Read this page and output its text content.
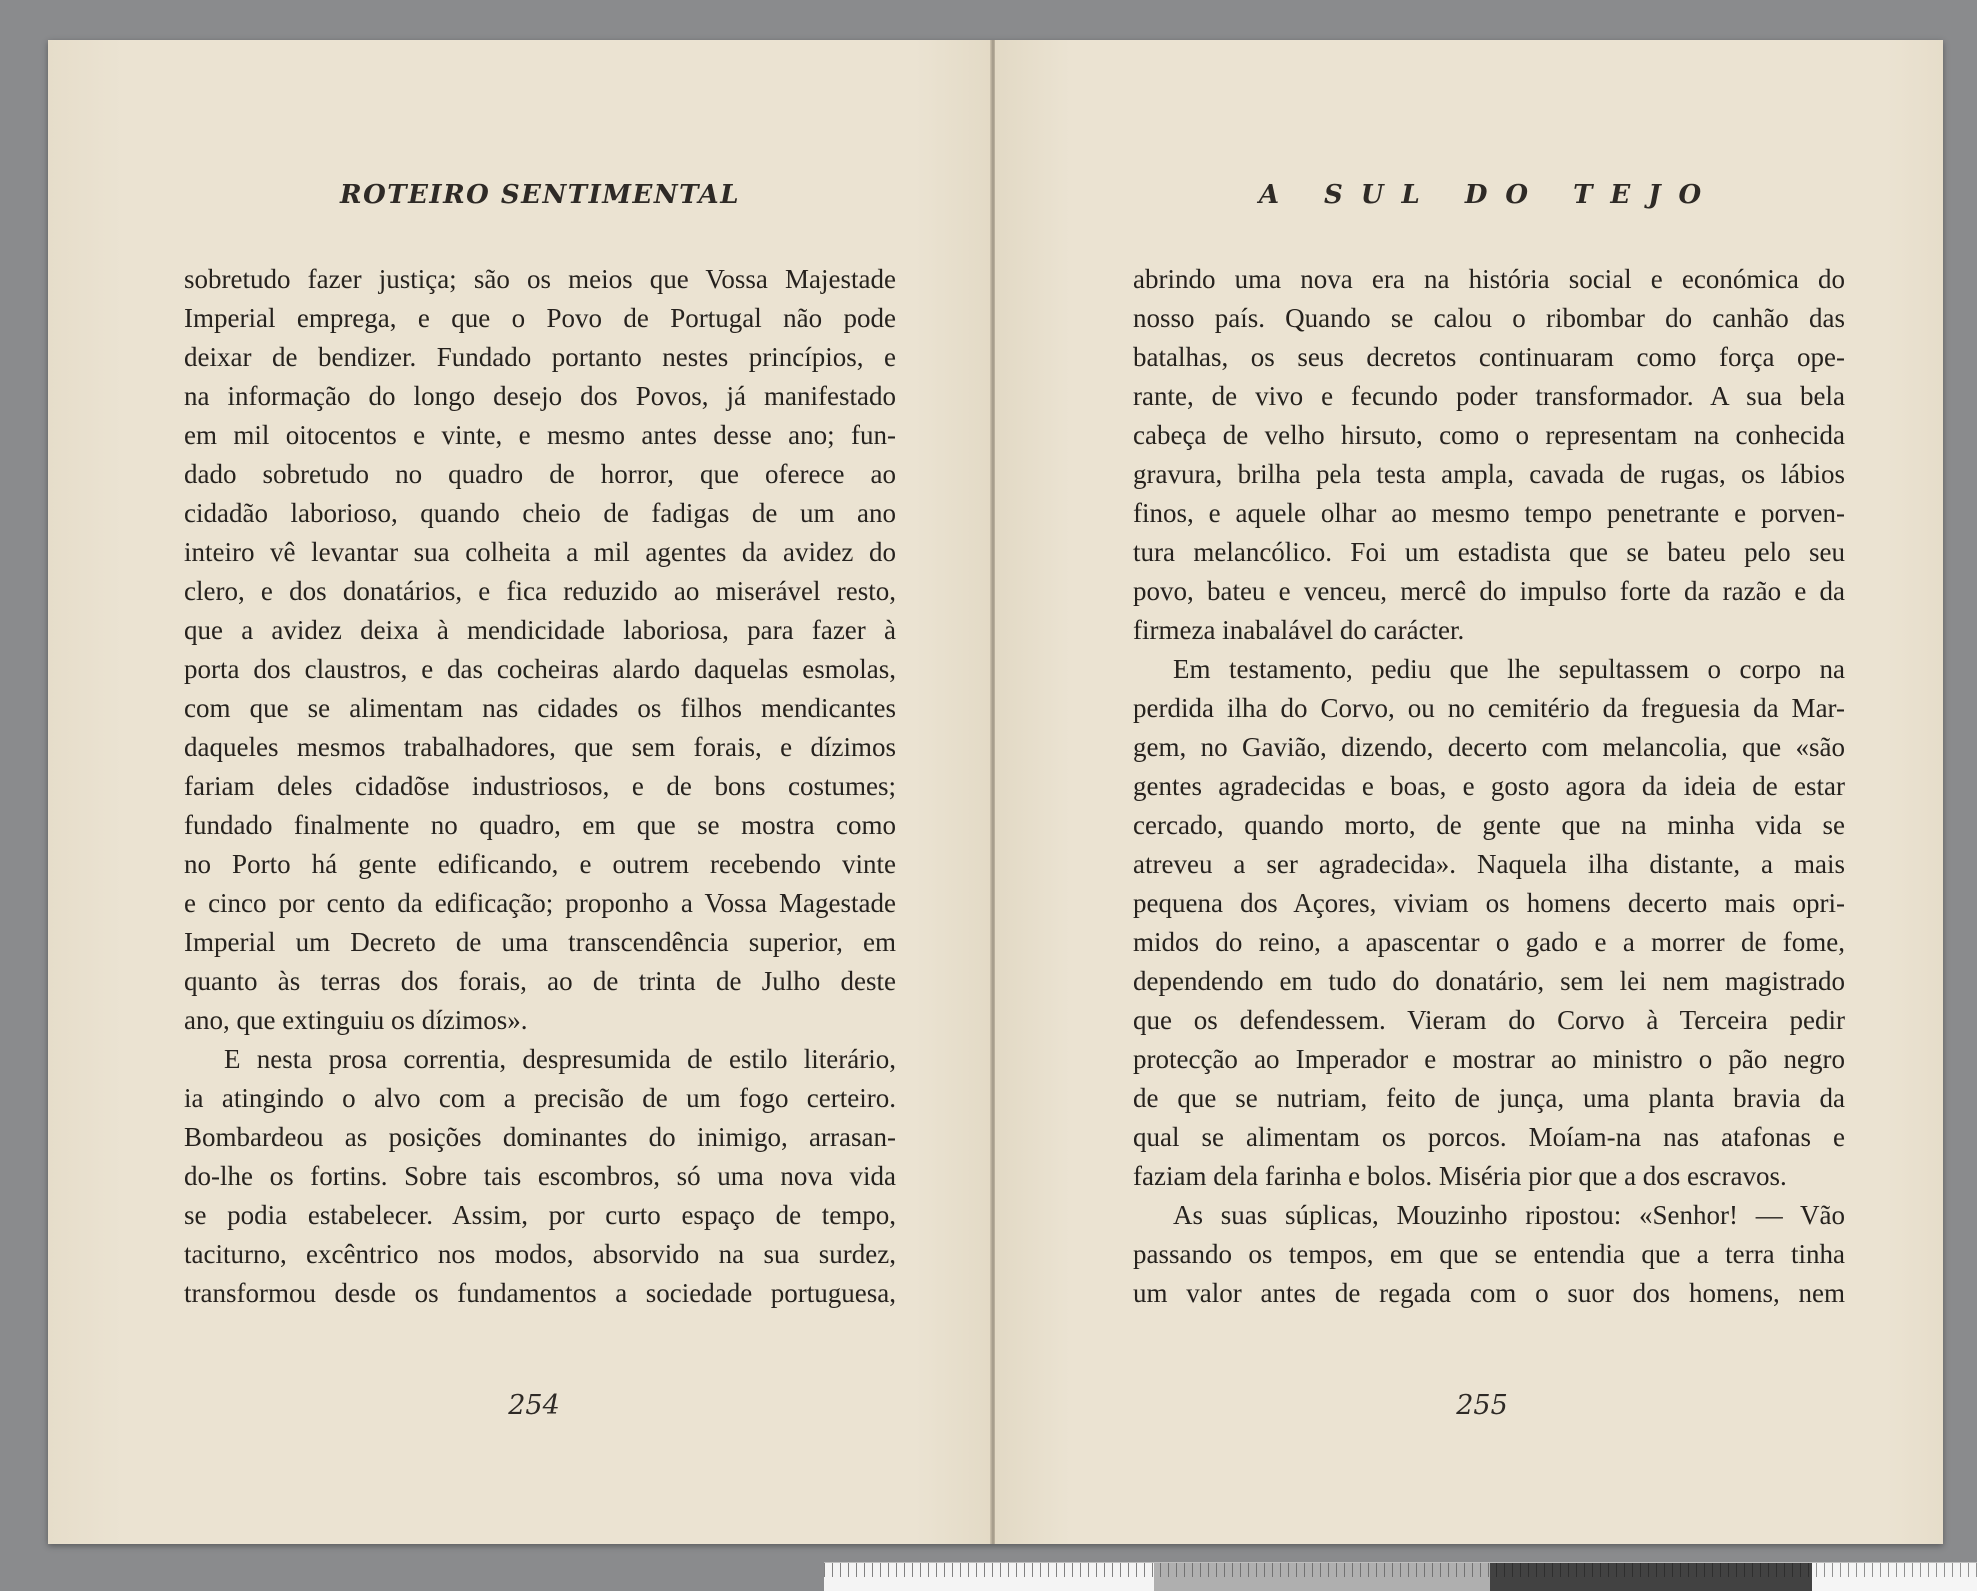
ROTEIRO SENTIMENTAL
sobretudo fazer justiça; são os meios que Vossa Majestade
Imperial emprega, e que o Povo de Portugal não pode
deixar de bendizer. Fundado portanto nestes princípios, e
na informação do longo desejo dos Povos, já manifestado
em mil oitocentos e vinte, e mesmo antes desse ano; fun-
dado sobretudo no quadro de horror, que oferece ao
cidadão laborioso, quando cheio de fadigas de um ano
inteiro vê levantar sua colheita a mil agentes da avidez do
clero, e dos donatários, e fica reduzido ao miserável resto,
que a avidez deixa à mendicidade laboriosa, para fazer à
porta dos claustros, e das cocheiras alardo daquelas esmolas,
com que se alimentam nas cidades os filhos mendicantes
daqueles mesmos trabalhadores, que sem forais, e dízimos
fariam deles cidadõse industriosos, e de bons costumes;
fundado finalmente no quadro, em que se mostra como
no Porto há gente edificando, e outrem recebendo vinte
e cinco por cento da edificação; proponho a Vossa Magestade
Imperial um Decreto de uma transcendência superior, em
quanto às terras dos forais, ao de trinta de Julho deste
ano, que extinguiu os dízimos».
E nesta prosa correntia, despresumida de estilo literário,
ia atingindo o alvo com a precisão de um fogo certeiro.
Bombardeou as posições dominantes do inimigo, arrasan-
do-lhe os fortins. Sobre tais escombros, só uma nova vida
se podia estabelecer. Assim, por curto espaço de tempo,
taciturno, excêntrico nos modos, absorvido na sua surdez,
transformou desde os fundamentos a sociedade portuguesa,

254

A SUL DO TEJO
abrindo uma nova era na história social e económica do
nosso país. Quando se calou o ribombar do canhão das
batalhas, os seus decretos continuaram como força ope-
rante, de vivo e fecundo poder transformador. A sua bela
cabeça de velho hirsuto, como o representam na conhecida
gravura, brilha pela testa ampla, cavada de rugas, os lábios
finos, e aquele olhar ao mesmo tempo penetrante e porven-
tura melancólico. Foi um estadista que se bateu pelo seu
povo, bateu e venceu, mercê do impulso forte da razão e da
firmeza inabalável do carácter.
Em testamento, pediu que lhe sepultassem o corpo na
perdida ilha do Corvo, ou no cemitério da freguesia da Mar-
gem, no Gavião, dizendo, decerto com melancolia, que «são
gentes agradecidas e boas, e gosto agora da ideia de estar
cercado, quando morto, de gente que na minha vida se
atreveu a ser agradecida». Naquela ilha distante, a mais
pequena dos Açores, viviam os homens decerto mais opri-
midos do reino, a apascentar o gado e a morrer de fome,
dependendo em tudo do donatário, sem lei nem magistrado
que os defendessem. Vieram do Corvo à Terceira pedir
protecção ao Imperador e mostrar ao ministro o pão negro
de que se nutriam, feito de junça, uma planta bravia da
qual se alimentam os porcos. Moíam-na nas atafonas e
faziam dela farinha e bolos. Miséria pior que a dos escravos.
As suas súplicas, Mouzinho ripostou: «Senhor! — Vão
passando os tempos, em que se entendia que a terra tinha
um valor antes de regada com o suor dos homens, nem

255
